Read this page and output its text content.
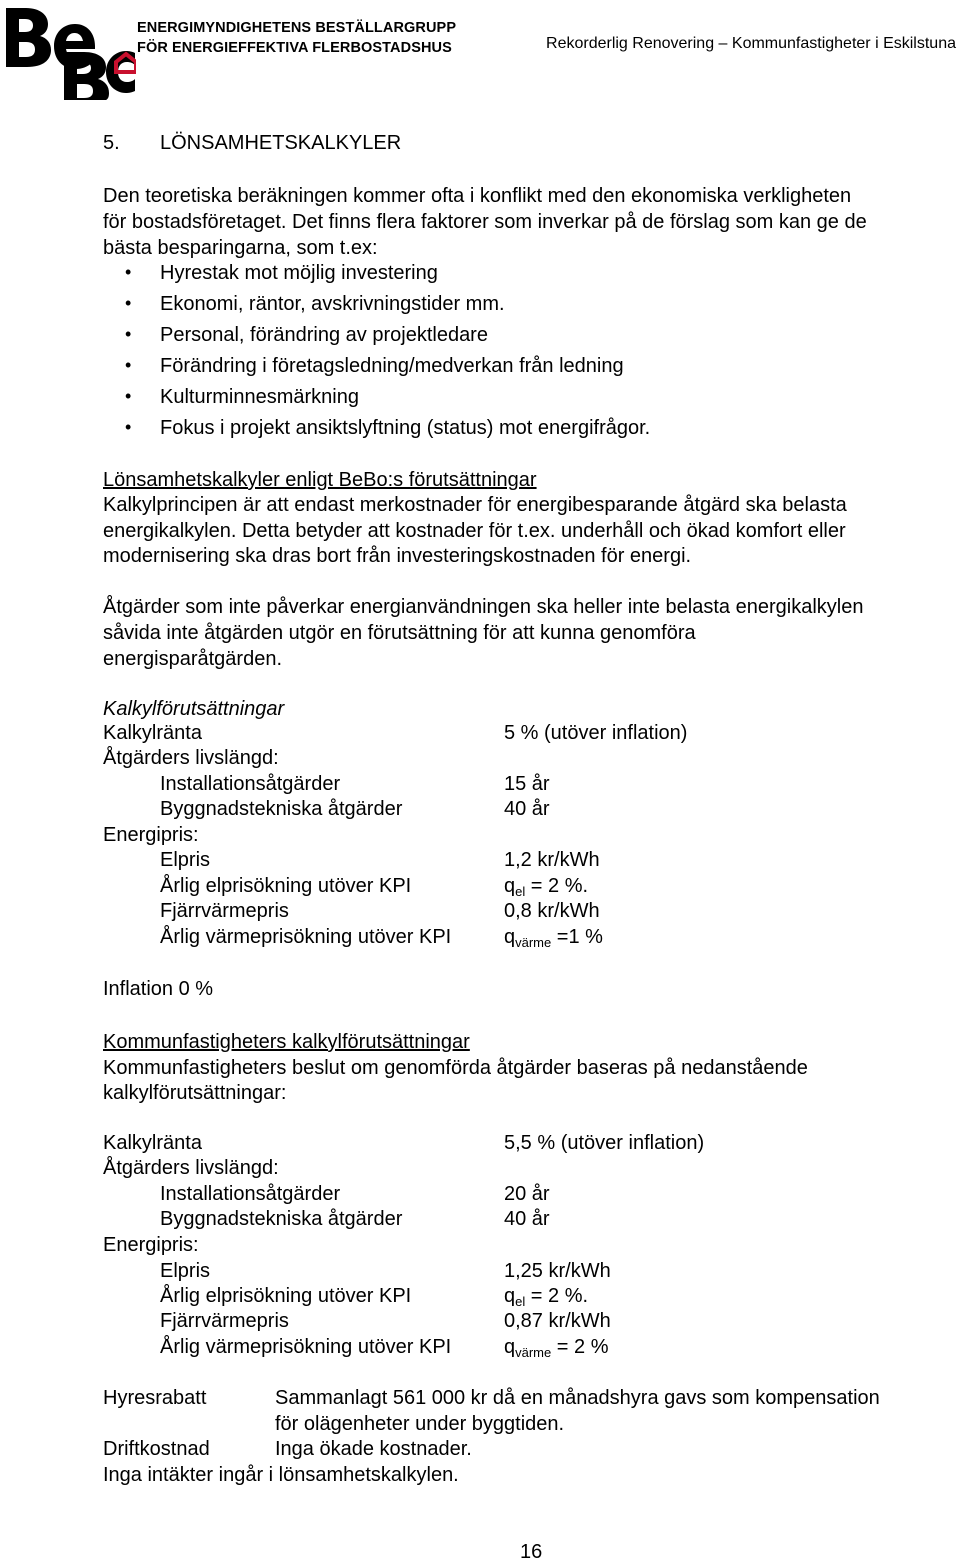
ENERGIMYNDIGHETENS BESTÄLLARGRUPP
FÖR ENERGIEFFEKTIVA FLERBOSTADSHUS	Rekorderlig Renovering – Kommunfastigheter i Eskilstuna
5. LÖNSAMHETSKALKYLER
Den teoretiska beräkningen kommer ofta i konflikt med den ekonomiska verkligheten
för bostadsföretaget. Det finns flera faktorer som inverkar på de förslag som kan ge de
bästa besparingarna, som t.ex:
• Hyrestak mot möjlig investering
• Ekonomi, räntor, avskrivningstider mm.
• Personal, förändring av projektledare
• Förändring i företagsledning/medverkan från ledning
• Kulturminnesmärkning
• Fokus i projekt ansiktslyftning (status) mot energifrågor.
Lönsamhetskalkyler enligt BeBo:s förutsättningar
Kalkylprincipen är att endast merkostnader för energibesparande åtgärd ska belasta
energikalkylen. Detta betyder att kostnader för t.ex. underhåll och ökad komfort eller
modernisering ska dras bort från investeringskostnaden för energi.
Åtgärder som inte påverkar energianvändningen ska heller inte belasta energikalkylen
såvida inte åtgärden utgör en förutsättning för att kunna genomföra
energisparåtgärden.
Kalkylförutsättningar
Kalkylränta	5 % (utöver inflation)
Åtgärders livslängd:
Installationsåtgärder	15 år
Byggnadstekniska åtgärder	40 år
Energipris:
Elpris	1,2 kr/kWh
Årlig elprisökning utöver KPI	$q_{el} = 2$ %.
Fjärrvärmepris	0,8 kr/kWh
Årlig värmeprisökning utöver KPI	$q_{värme} =1$ %
Inflation 0 %
Kommunfastigheters kalkylförutsättningar
Kommunfastigheters beslut om genomförda åtgärder baseras på nedanstående
kalkylförutsättningar:
Kalkylränta	5,5 % (utöver inflation)
Åtgärders livslängd:
Installationsåtgärder	20 år
Byggnadstekniska åtgärder	40 år
Energipris:
Elpris	1,25 kr/kWh
Årlig elprisökning utöver KPI	$q_{el} = 2$ %.
Fjärrvärmepris	0,87 kr/kWh
Årlig värmeprisökning utöver KPI	$q_{värme} = 2$ %
Hyresrabatt	Sammanlagt 561 000 kr då en månadshyra gavs som kompensation
för olägenheter under byggtiden.
Driftkostnad	Inga ökade kostnader.
Inga intäkter ingår i lönsamhetskalkylen.
16
